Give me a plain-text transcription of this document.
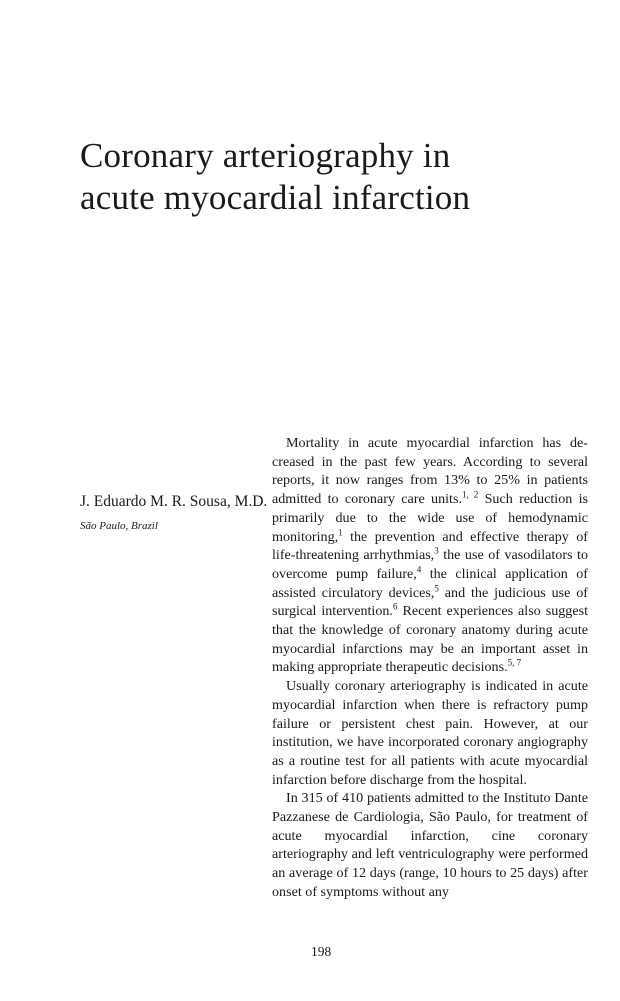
Coronary arteriography in
acute myocardial infarction
J. Eduardo M. R. Sousa, M.D.
São Paulo, Brazil

Mortality in acute myocardial infarction has decreased in the past few years. According to several reports, it now ranges from 13% to 25% in patients admitted to coronary care units.$^{1, 2}$ Such reduction is primarily due to the wide use of hemodynamic monitoring,$^1$ the prevention and effective therapy of life-threatening arrhythmias,$^3$ the use of vasodilators to overcome pump failure,$^4$ the clinical application of assisted circulatory devices,$^5$ and the judicious use of surgical intervention.$^6$ Recent experiences also suggest that the knowledge of coronary anatomy during acute myocardial infarctions may be an important asset in making appropriate therapeutic decisions.$^{5, 7}$

Usually coronary arteriography is indicated in acute myocardial infarction when there is refractory pump failure or persistent chest pain. However, at our institution, we have incorporated coronary angiography as a routine test for all patients with acute myocardial infarction before discharge from the hospital.

In 315 of 410 patients admitted to the Instituto Dante Pazzanese de Cardiologia, São Paulo, for treatment of acute myocardial infarction, cine coronary arteriography and left ventriculography were performed an average of 12 days (range, 10 hours to 25 days) after onset of symptoms without any

198
